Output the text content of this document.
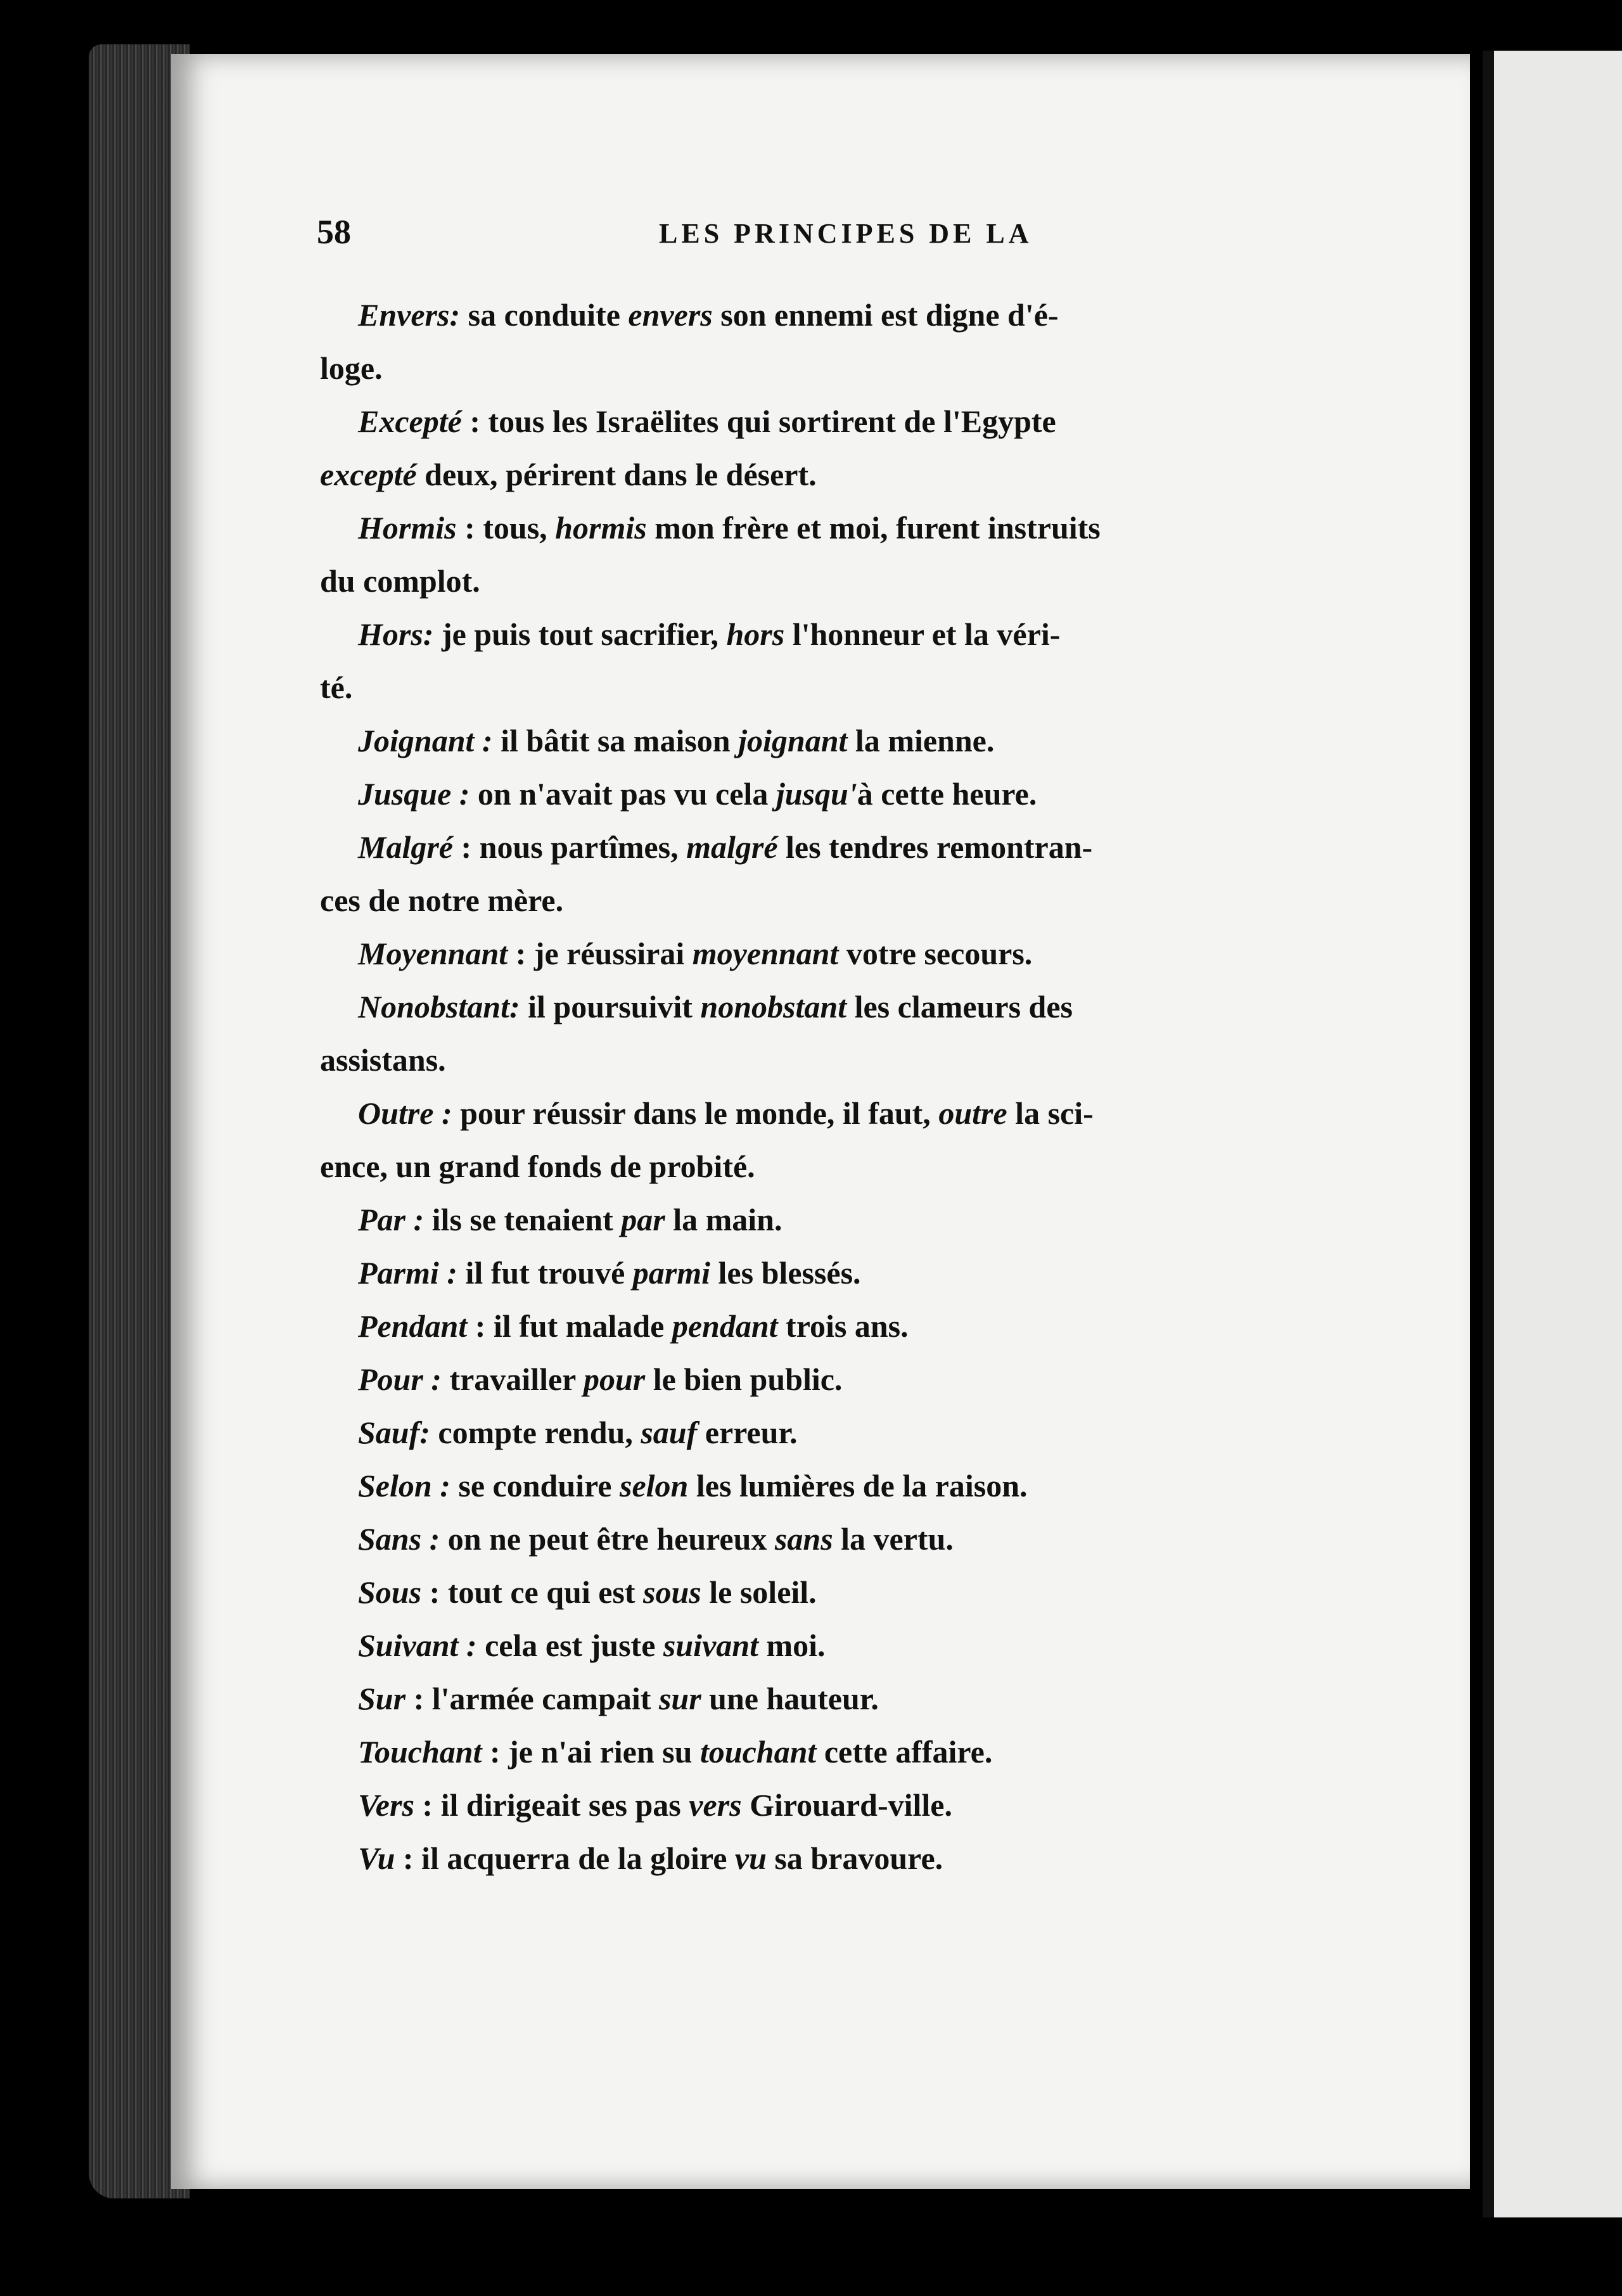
58	LES PRINCIPES DE LA

Envers: sa conduite envers son ennemi est digne d'é-
loge.

Excepté : tous les Israëlites qui sortirent de l'Egypte
excepté deux, périrent dans le désert.

Hormis : tous, hormis mon frère et moi, furent instruits
du complot.

Hors: je puis tout sacrifier, hors l'honneur et la véri-
té.

Joignant : il bâtit sa maison joignant la mienne.

Jusque : on n'avait pas vu cela jusqu'à cette heure.

Malgré : nous partîmes, malgré les tendres remontran-
ces de notre mère.

Moyennant : je réussirai moyennant votre secours.

Nonobstant: il poursuivit nonobstant les clameurs des
assistans.

Outre : pour réussir dans le monde, il faut, outre la sci-
ence, un grand fonds de probité.

Par : ils se tenaient par la main.

Parmi : il fut trouvé parmi les blessés.

Pendant : il fut malade pendant trois ans.

Pour : travailler pour le bien public.

Sauf: compte rendu, sauf erreur.

Selon : se conduire selon les lumières de la raison.

Sans : on ne peut être heureux sans la vertu.

Sous : tout ce qui est sous le soleil.

Suivant : cela est juste suivant moi.

Sur : l'armée campait sur une hauteur.

Touchant : je n'ai rien su touchant cette affaire.

Vers : il dirigeait ses pas vers Girouard-ville.

Vu : il acquerra de la gloire vu sa bravoure.
